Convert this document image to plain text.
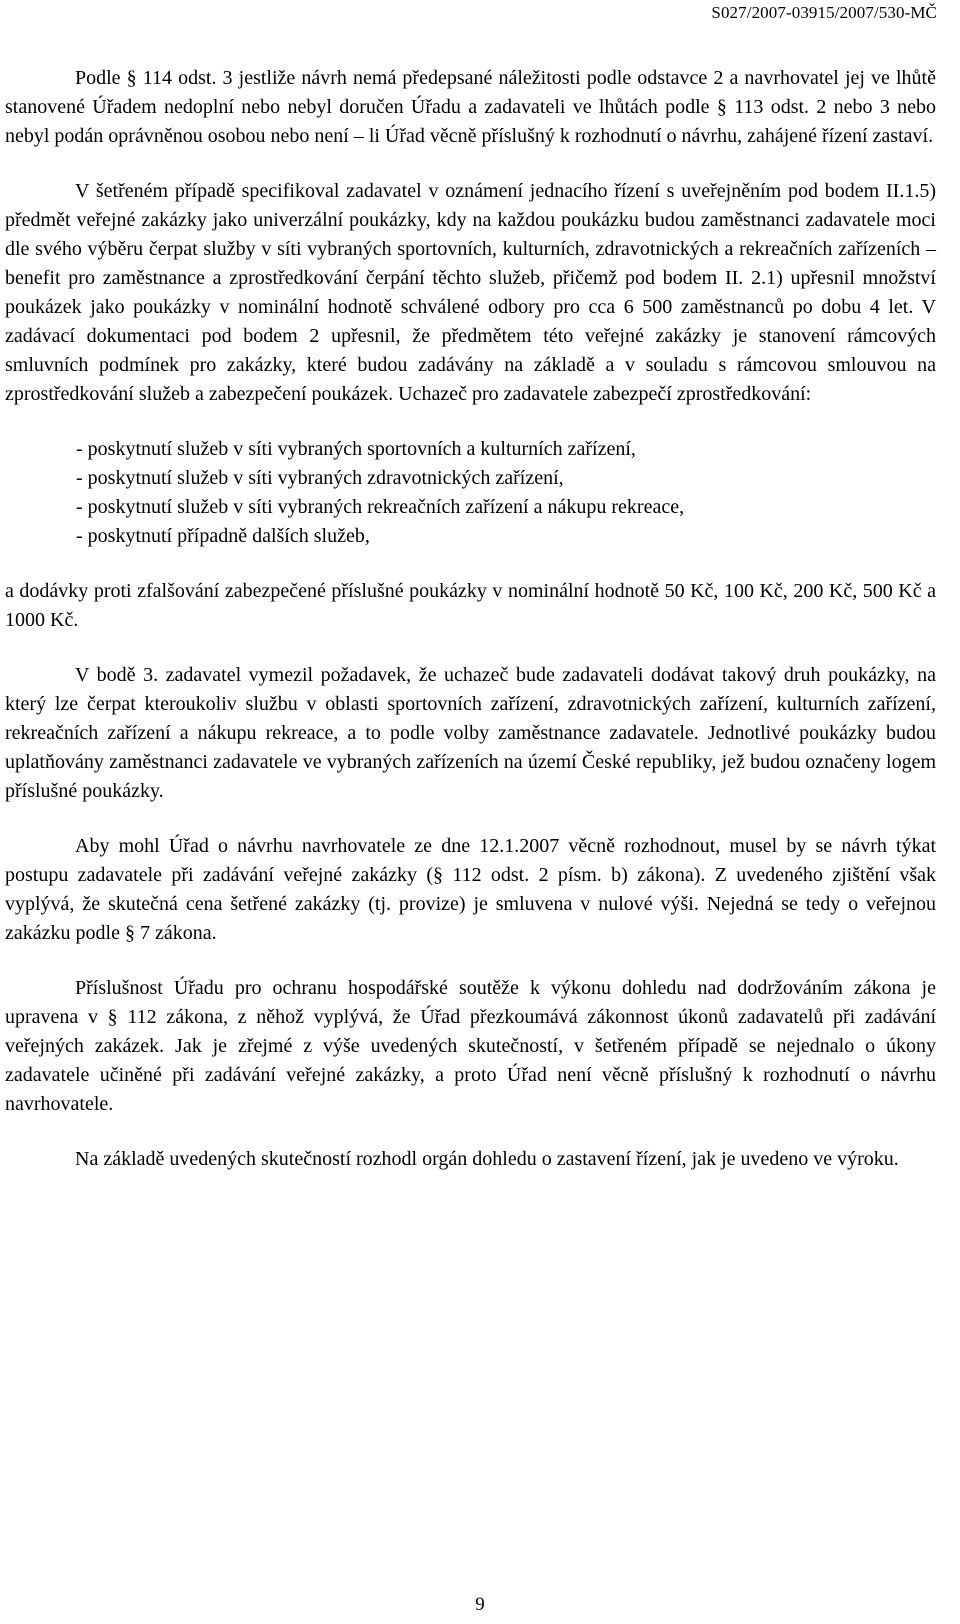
S027/2007-03915/2007/530-MČ

Podle § 114 odst. 3 jestliže návrh nemá předepsané náležitosti podle odstavce 2 a navrhovatel jej ve lhůtě stanovené Úřadem nedoplní nebo nebyl doručen Úřadu a zadavateli ve lhůtách podle § 113 odst. 2 nebo 3 nebo nebyl podán oprávněnou osobou nebo není – li Úřad věcně příslušný k rozhodnutí o návrhu, zahájené řízení zastaví.

V šetřeném případě specifikoval zadavatel v oznámení jednacího řízení s uveřejněním pod bodem II.1.5) předmět veřejné zakázky jako univerzální poukázky, kdy na každou poukázku budou zaměstnanci zadavatele moci dle svého výběru čerpat služby v síti vybraných sportovních, kulturních, zdravotnických a rekreačních zařízeních – benefit pro zaměstnance a zprostředkování čerpání těchto služeb, přičemž pod bodem II. 2.1) upřesnil množství poukázek jako poukázky v nominální hodnotě schválené odbory pro cca 6 500 zaměstnanců po dobu 4 let. V zadávací dokumentaci pod bodem 2 upřesnil, že předmětem této veřejné zakázky je stanovení rámcových smluvních podmínek pro zakázky, které budou zadávány na základě a v souladu s rámcovou smlouvou na zprostředkování služeb a zabezpečení poukázek. Uchazeč pro zadavatele zabezpečí zprostředkování:

- poskytnutí služeb v síti vybraných sportovních a kulturních zařízení,
- poskytnutí služeb v síti vybraných zdravotnických zařízení,
- poskytnutí služeb v síti vybraných rekreačních zařízení a nákupu rekreace,
- poskytnutí případně dalších služeb,

a dodávky proti zfalšování zabezpečené příslušné poukázky v nominální hodnotě 50 Kč, 100 Kč, 200 Kč, 500 Kč a 1000 Kč.

V bodě 3. zadavatel vymezil požadavek, že uchazeč bude zadavateli dodávat takový druh poukázky, na který lze čerpat kteroukoliv službu v oblasti sportovních zařízení, zdravotnických zařízení, kulturních zařízení, rekreačních zařízení a nákupu rekreace, a to podle volby zaměstnance zadavatele. Jednotlivé poukázky budou uplatňovány zaměstnanci zadavatele ve vybraných zařízeních na území České republiky, jež budou označeny logem příslušné poukázky.

Aby mohl Úřad o návrhu navrhovatele ze dne 12.1.2007 věcně rozhodnout, musel by se návrh týkat postupu zadavatele při zadávání veřejné zakázky (§ 112 odst. 2 písm. b) zákona). Z uvedeného zjištění však vyplývá, že skutečná cena šetřené zakázky (tj. provize) je smluvena v nulové výši. Nejedná se tedy o veřejnou zakázku podle § 7 zákona.

Příslušnost Úřadu pro ochranu hospodářské soutěže k výkonu dohledu nad dodržováním zákona je upravena v § 112 zákona, z něhož vyplývá, že Úřad přezkoumává zákonnost úkonů zadavatelů při zadávání veřejných zakázek. Jak je zřejmé z výše uvedených skutečností, v šetřeném případě se nejednalo o úkony zadavatele učiněné při zadávání veřejné zakázky, a proto Úřad není věcně příslušný k rozhodnutí o návrhu navrhovatele.

Na základě uvedených skutečností rozhodl orgán dohledu o zastavení řízení, jak je uvedeno ve výroku.

9
